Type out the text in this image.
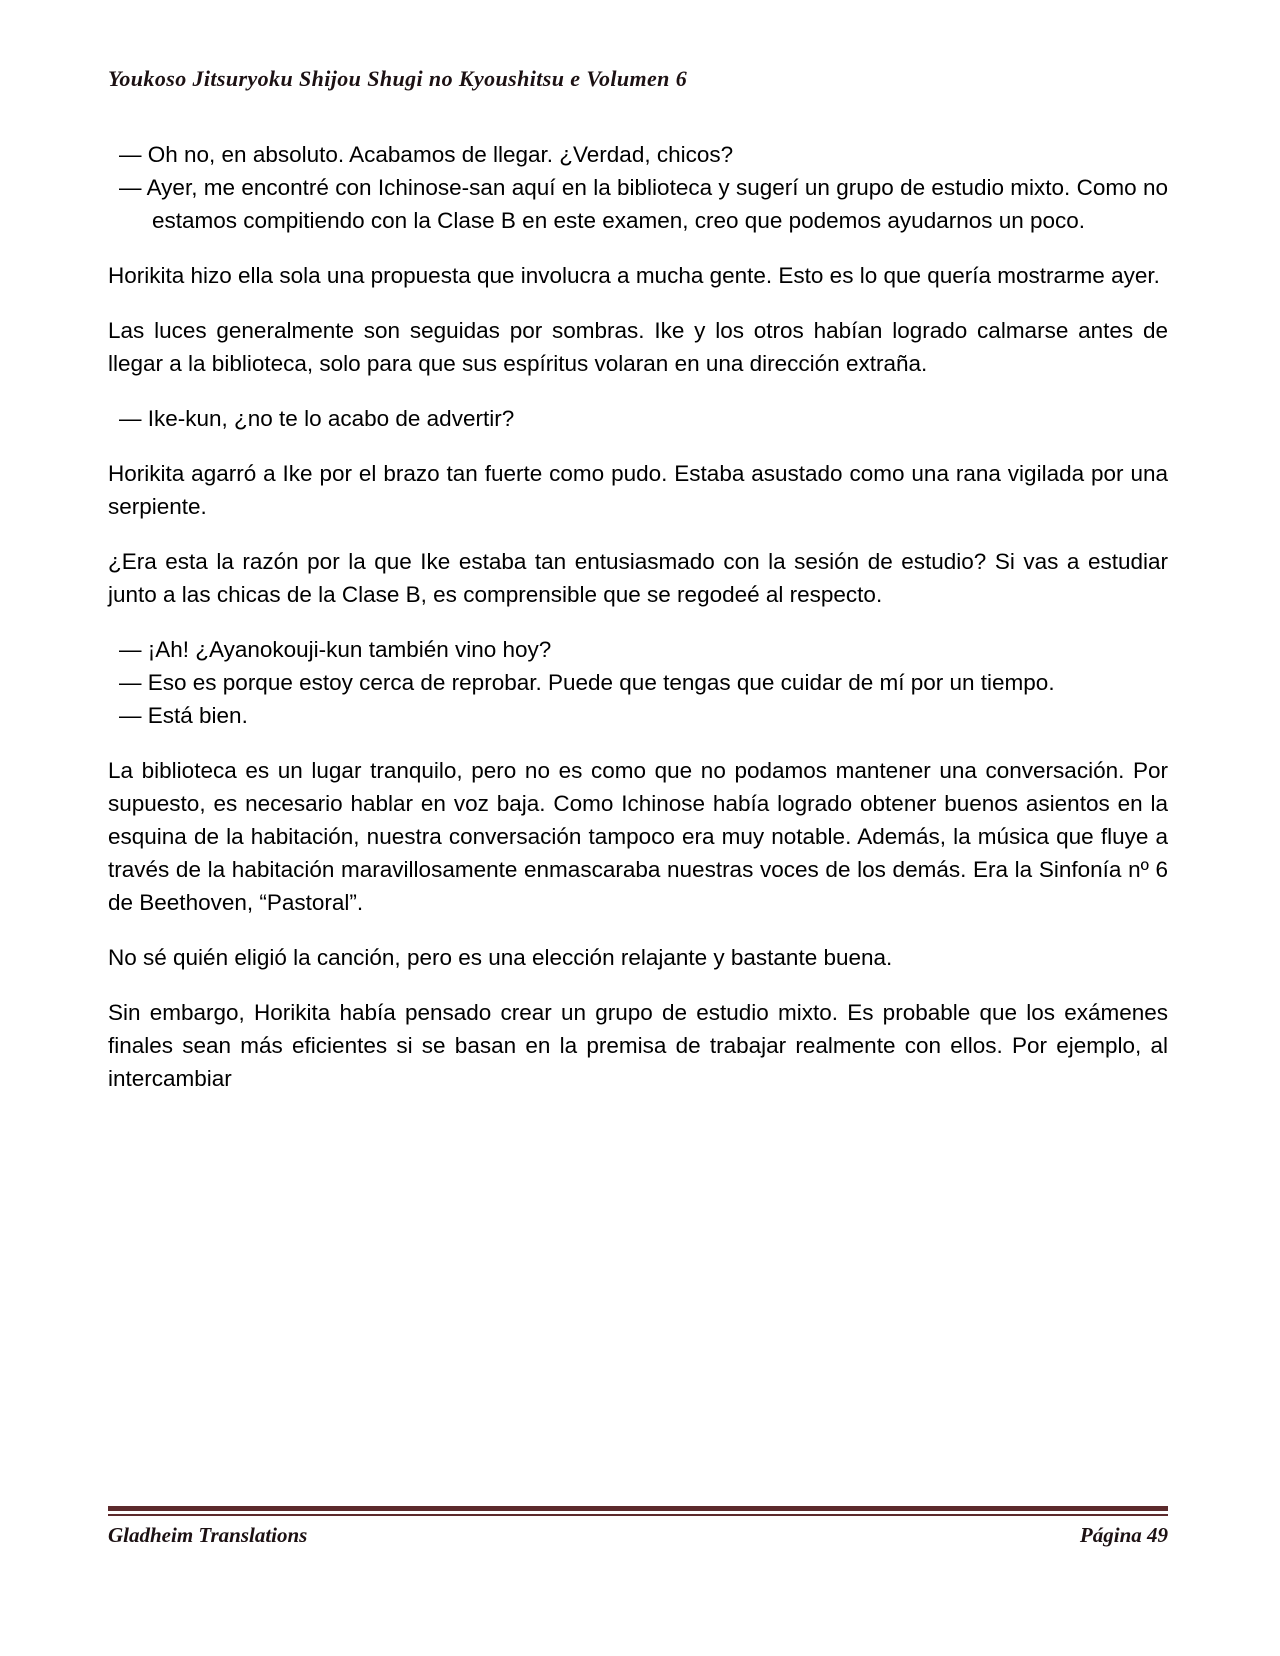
Youkoso Jitsuryoku Shijou Shugi no Kyoushitsu e Volumen 6

— Oh no, en absoluto. Acabamos de llegar. ¿Verdad, chicos?

— Ayer, me encontré con Ichinose-san aquí en la biblioteca y sugerí un grupo de estudio mixto. Como no estamos compitiendo con la Clase B en este examen, creo que podemos ayudarnos un poco.

Horikita hizo ella sola una propuesta que involucra a mucha gente. Esto es lo que quería mostrarme ayer.

Las luces generalmente son seguidas por sombras. Ike y los otros habían logrado calmarse antes de llegar a la biblioteca, solo para que sus espíritus volaran en una dirección extraña.

— Ike-kun, ¿no te lo acabo de advertir?

Horikita agarró a Ike por el brazo tan fuerte como pudo. Estaba asustado como una rana vigilada por una serpiente.

¿Era esta la razón por la que Ike estaba tan entusiasmado con la sesión de estudio? Si vas a estudiar junto a las chicas de la Clase B, es comprensible que se regodeé al respecto.

— ¡Ah! ¿Ayanokouji-kun también vino hoy?

— Eso es porque estoy cerca de reprobar. Puede que tengas que cuidar de mí por un tiempo.

— Está bien.

La biblioteca es un lugar tranquilo, pero no es como que no podamos mantener una conversación. Por supuesto, es necesario hablar en voz baja. Como Ichinose había logrado obtener buenos asientos en la esquina de la habitación, nuestra conversación tampoco era muy notable. Además, la música que fluye a través de la habitación maravillosamente enmascaraba nuestras voces de los demás. Era la Sinfonía nº 6 de Beethoven, “Pastoral”.

No sé quién eligió la canción, pero es una elección relajante y bastante buena.

Sin embargo, Horikita había pensado crear un grupo de estudio mixto. Es probable que los exámenes finales sean más eficientes si se basan en la premisa de trabajar realmente con ellos. Por ejemplo, al intercambiar

Gladheim Translations	Página 49
